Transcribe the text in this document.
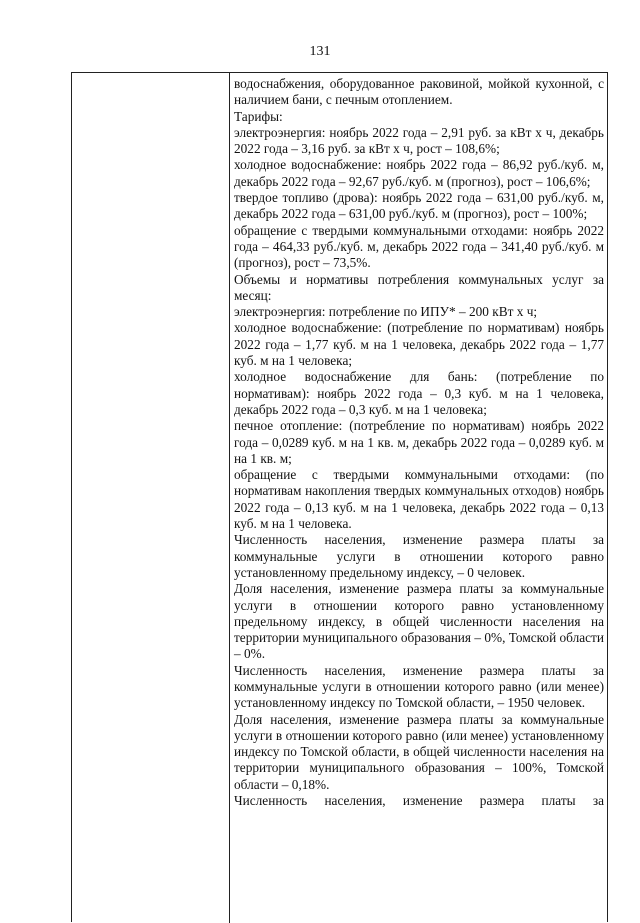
131

водоснабжения, оборудованное раковиной, мойкой кухонной, с наличием бани, с печным отоплением.

Тарифы:

электроэнергия: ноябрь 2022 года – 2,91 руб. за кВт х ч, декабрь 2022 года – 3,16 руб. за кВт х ч, рост – 108,6%;

холодное водоснабжение: ноябрь 2022 года – 86,92 руб./куб. м, декабрь 2022 года – 92,67 руб./куб. м (прогноз), рост – 106,6%;

твердое топливо (дрова): ноябрь 2022 года – 631,00 руб./куб. м, декабрь 2022 года – 631,00 руб./куб. м (прогноз), рост – 100%;

обращение с твердыми коммунальными отходами: ноябрь 2022 года – 464,33 руб./куб. м, декабрь 2022 года – 341,40 руб./куб. м (прогноз), рост – 73,5%.

Объемы и нормативы потребления коммунальных услуг за месяц:

электроэнергия: потребление по ИПУ* – 200 кВт х ч;

холодное водоснабжение: (потребление по нормативам) ноябрь 2022 года – 1,77 куб. м на 1 человека, декабрь 2022 года – 1,77 куб. м на 1 человека;

холодное водоснабжение для бань: (потребление по нормативам): ноябрь 2022 года – 0,3 куб. м на 1 человека, декабрь 2022 года – 0,3 куб. м на 1 человека;

печное отопление: (потребление по нормативам) ноябрь 2022 года – 0,0289 куб. м на 1 кв. м, декабрь 2022 года – 0,0289 куб. м на 1 кв. м;

обращение с твердыми коммунальными отходами: (по нормативам накопления твердых коммунальных отходов) ноябрь 2022 года – 0,13 куб. м на 1 человека, декабрь 2022 года – 0,13 куб. м на 1 человека.

Численность населения, изменение размера платы за коммунальные услуги в отношении которого равно установленному предельному индексу, – 0 человек.

Доля населения, изменение размера платы за коммунальные услуги в отношении которого равно установленному предельному индексу, в общей численности населения на территории муниципального образования – 0%, Томской области – 0%.

Численность населения, изменение размера платы за коммунальные услуги в отношении которого равно (или менее) установленному индексу по Томской области, – 1950 человек.

Доля населения, изменение размера платы за коммунальные услуги в отношении которого равно (или менее) установленному индексу по Томской области, в общей численности населения на территории муниципального образования – 100%, Томской области – 0,18%.

Численность населения, изменение размера платы за
